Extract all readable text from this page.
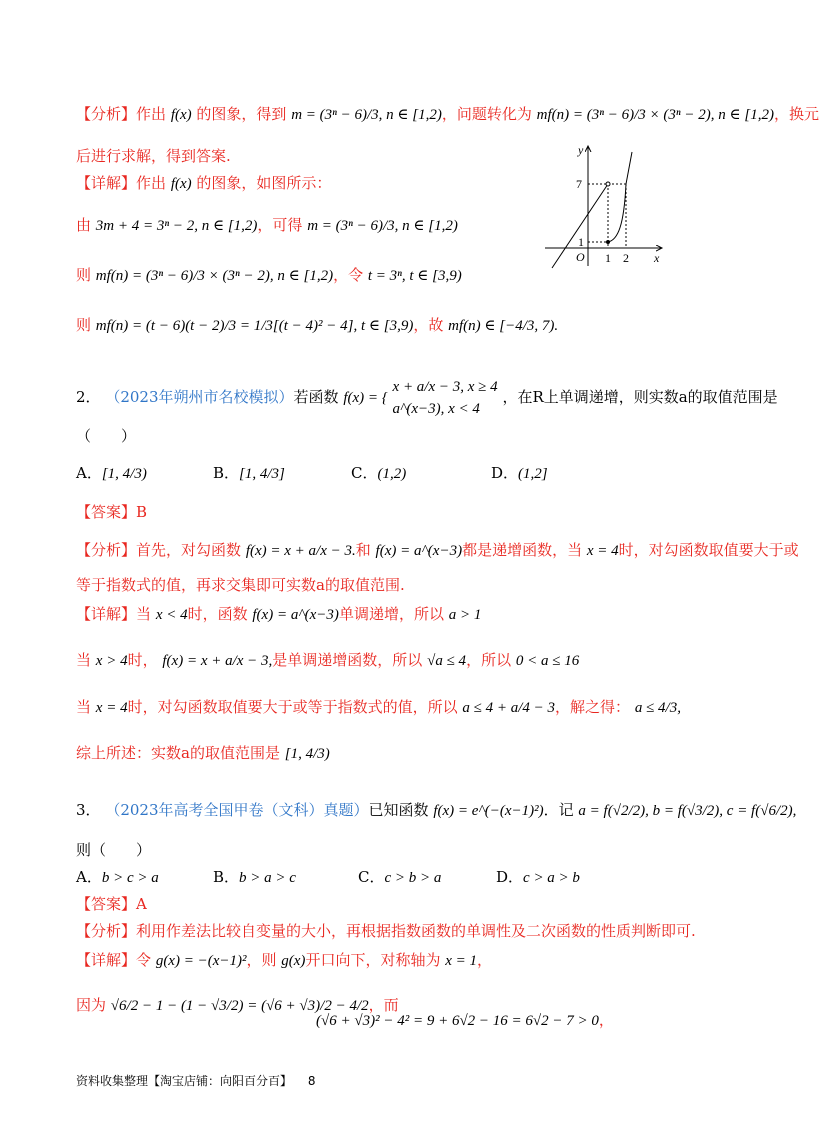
【分析】作出 f(x) 的图象，得到 m = (3ⁿ − 6)/3, n ∈ [1,2)，问题转化为 mf(n) = (3ⁿ − 6)/3 × (3ⁿ − 2), n ∈ [1,2)，换元
后进行求解，得到答案.
【详解】作出 f(x) 的图象，如图所示：
由 3m + 4 = 3ⁿ − 2, n ∈ [1,2)，可得 m = (3ⁿ − 6)/3, n ∈ [1,2)
则 mf(n) = (3ⁿ − 6)/3 × (3ⁿ − 2), n ∈ [1,2)，令 t = 3ⁿ, t ∈ [3,9)
则 mf(n) = (t − 6)(t − 2)/3 = 1/3[(t − 4)² − 4], t ∈ [3,9)，故 mf(n) ∈ [−4/3, 7).
y
x
O
7
1
1 2
2． （2023年朔州市名校模拟）若函数 f(x) = {
x + a/x − 3, x ≥ 4
a^(x−3), x < 4
，在R上单调递增，则实数a的取值范围是
（　　）
A．[1, 4/3)	B．[1, 4/3]	C．(1,2)	D．(1,2]
【答案】B
【分析】首先，对勾函数 f(x) = x + a/x − 3.和 f(x) = a^(x−3)都是递增函数，当 x = 4时，对勾函数取值要大于或
等于指数式的值，再求交集即可实数a的取值范围.
【详解】当 x < 4时，函数 f(x) = a^(x−3)单调递增，所以 a > 1
当 x > 4时， f(x) = x + a/x − 3,是单调递增函数，所以 √a ≤ 4，所以 0 < a ≤ 16
当 x = 4时，对勾函数取值要大于或等于指数式的值，所以 a ≤ 4 + a/4 − 3，解之得： a ≤ 4/3,
综上所述：实数a的取值范围是 [1, 4/3)
3． （2023年高考全国甲卷（文科）真题）已知函数 f(x) = e^(−(x−1)²)．记 a = f(√2/2), b = f(√3/2), c = f(√6/2),
则（　　）
A．b > c > a	B．b > a > c	C．c > b > a	D．c > a > b
【答案】A
【分析】利用作差法比较自变量的大小，再根据指数函数的单调性及二次函数的性质判断即可.
【详解】令 g(x) = −(x−1)²，则 g(x)开口向下，对称轴为 x = 1，
因为 √6/2 − 1 − (1 − √3/2) = (√6 + √3)/2 − 4/2，而
(√6 + √3)² − 4² = 9 + 6√2 − 16 = 6√2 − 7 > 0，
资料收集整理【淘宝店铺：向阳百分百】 8
